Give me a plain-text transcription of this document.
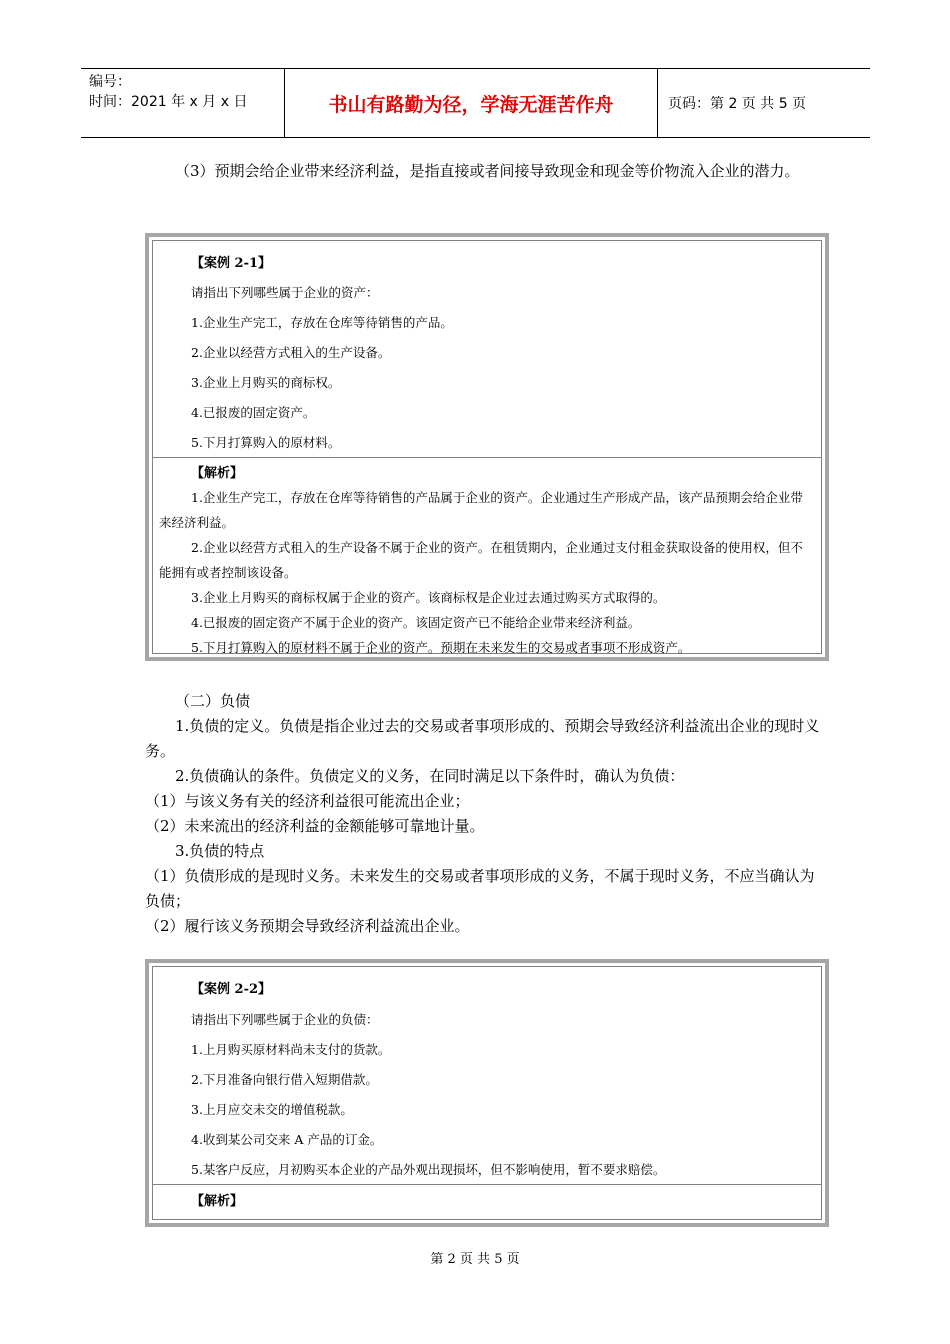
编号：
时间：2021 年 x 月 x 日	书山有路勤为径，学海无涯苦作舟	页码：第 2 页 共 5 页

（3）预期会给企业带来经济利益，是指直接或者间接导致现金和现金等价物流入企业的潜力。

【案例 2-1】
请指出下列哪些属于企业的资产：
1.企业生产完工，存放在仓库等待销售的产品。
2.企业以经营方式租入的生产设备。
3.企业上月购买的商标权。
4.已报废的固定资产。
5.下月打算购入的原材料。
【解析】

1.企业生产完工，存放在仓库等待销售的产品属于企业的资产。企业通过生产形成产品，该产品预期会给企业带来经济利益。

2.企业以经营方式租入的生产设备不属于企业的资产。在租赁期内，企业通过支付租金获取设备的使用权，但不能拥有或者控制该设备。

3.企业上月购买的商标权属于企业的资产。该商标权是企业过去通过购买方式取得的。

4.已报废的固定资产不属于企业的资产。该固定资产已不能给企业带来经济利益。

5.下月打算购入的原材料不属于企业的资产。预期在未来发生的交易或者事项不形成资产。

（二）负债

1.负债的定义。负债是指企业过去的交易或者事项形成的、预期会导致经济利益流出企业的现时义务。

2.负债确认的条件。负债定义的义务，在同时满足以下条件时，确认为负债：

（1）与该义务有关的经济利益很可能流出企业；

（2）未来流出的经济利益的金额能够可靠地计量。

3.负债的特点

（1）负债形成的是现时义务。未来发生的交易或者事项形成的义务，不属于现时义务，不应当确认为负债；

（2）履行该义务预期会导致经济利益流出企业。

【案例 2-2】
请指出下列哪些属于企业的负债：
1.上月购买原材料尚未支付的货款。
2.下月准备向银行借入短期借款。
3.上月应交未交的增值税款。
4.收到某公司交来 A 产品的订金。
5.某客户反应，月初购买本企业的产品外观出现损坏，但不影响使用，暂不要求赔偿。
【解析】
第 2 页 共 5 页
